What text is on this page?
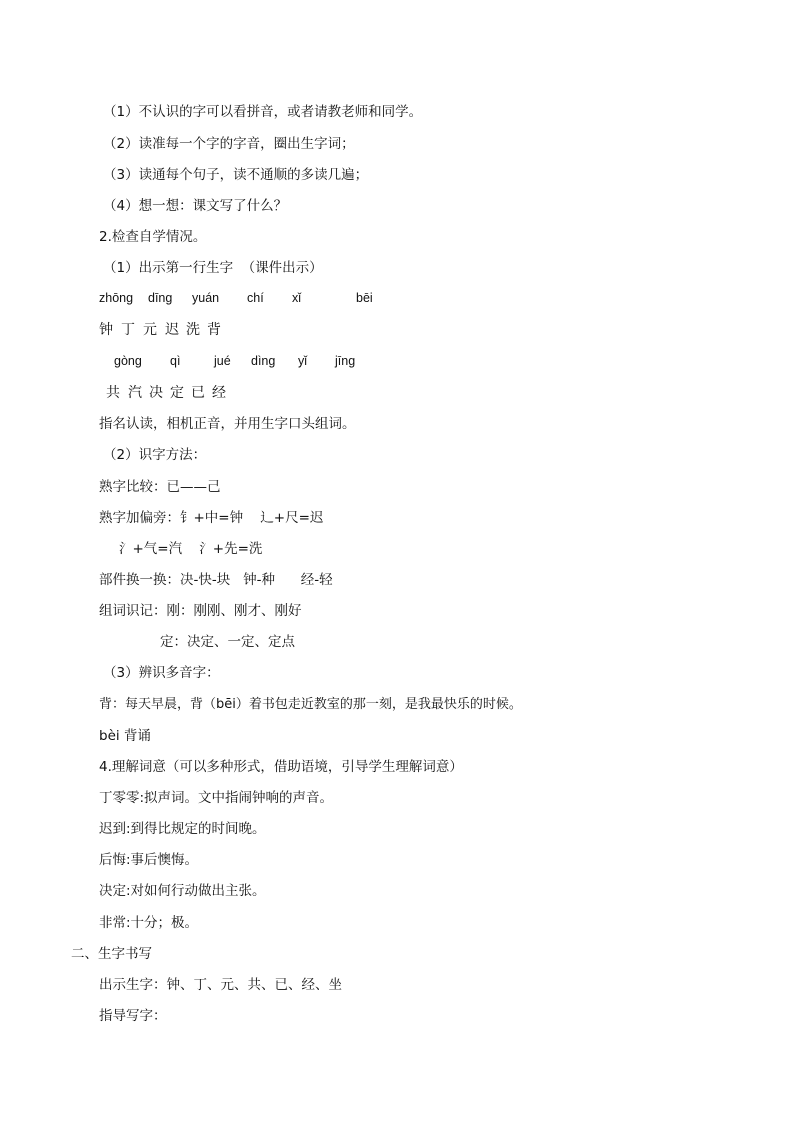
（1）不认识的字可以看拼音，或者请教老师和同学。
（2）读准每一个字的字音，圈出生字词；
（3）读通每个句子，读不通顺的多读几遍；
（4）想一想：课文写了什么？
2.检查自学情况。
（1）出示第一行生字  （课件出示）
zhōng dīng yuán chí xǐ	bēi
钟 丁 元 迟 洗 背
gòng qì	jué dìng yǐ jīng
共 汽 决 定 已 经
指名认读，相机正音，并用生字口头组词。
（2）识字方法：
熟字比较：已——己
熟字加偏旁：钅+中=钟    辶+尺=迟
氵+气=汽    氵+先=洗
部件换一换：决-快-块   钟-种      经-轻
组词识记：刚：刚刚、刚才、刚好
定：决定、一定、定点
（3）辨识多音字：
背：每天早晨，背（bēi）着书包走近教室的那一刻，是我最快乐的时候。
bèi 背诵
4.理解词意（可以多种形式，借助语境，引导学生理解词意）
丁零零:拟声词。文中指闹钟响的声音。
迟到:到得比规定的时间晚。
后悔:事后懊悔。
决定:对如何行动做出主张。
非常:十分；极。
二、生字书写
出示生字：钟、丁、元、共、已、经、坐
指导写字：
